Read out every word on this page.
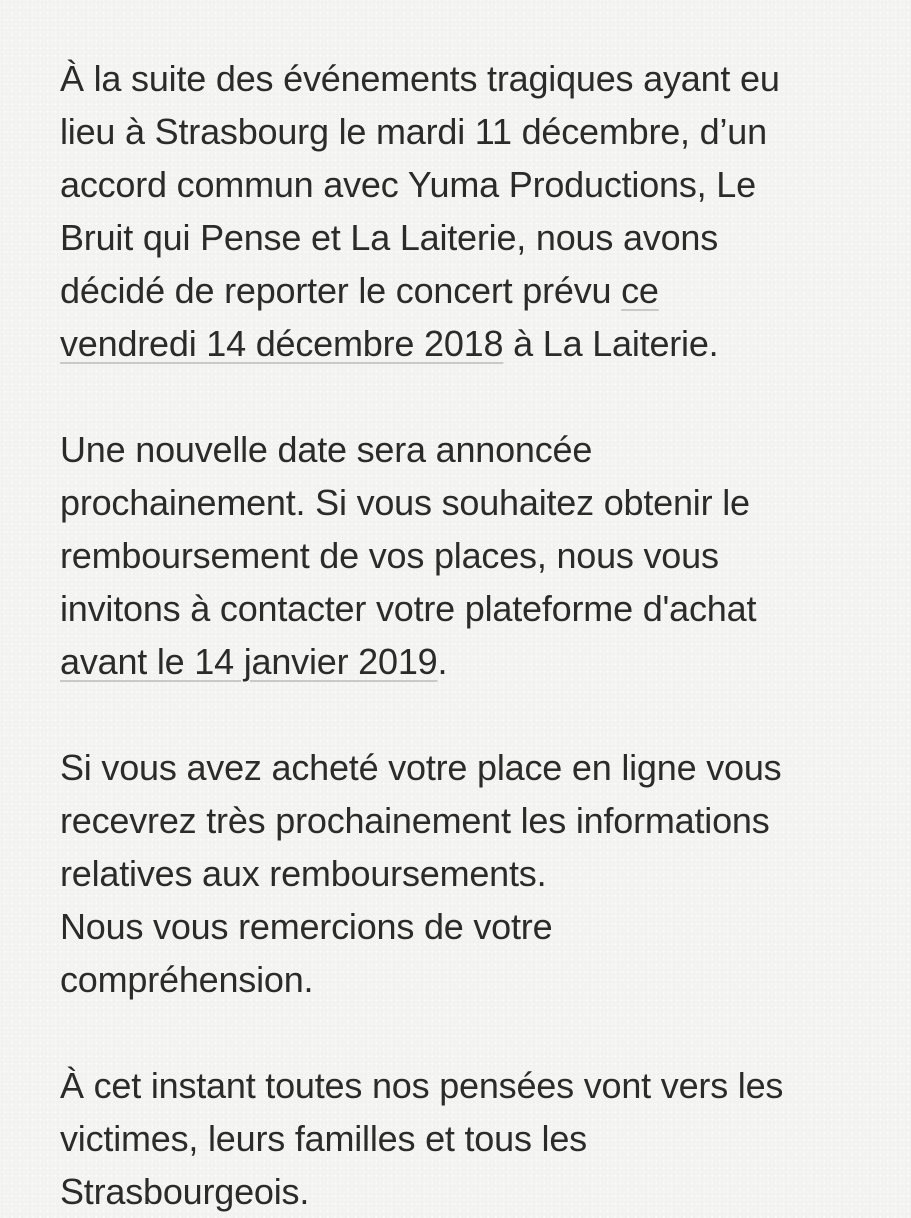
À la suite des événements tragiques ayant eu
lieu à Strasbourg le mardi 11 décembre, d’un
accord commun avec Yuma Productions, Le
Bruit qui Pense et La Laiterie, nous avons
décidé de reporter le concert prévu ce
vendredi 14 décembre 2018 à La Laiterie.
Une nouvelle date sera annoncée
prochainement. Si vous souhaitez obtenir le
remboursement de vos places, nous vous
invitons à contacter votre plateforme d'achat
avant le 14 janvier 2019.
Si vous avez acheté votre place en ligne vous
recevrez très prochainement les informations
relatives aux remboursements.
Nous vous remercions de votre
compréhension.
À cet instant toutes nos pensées vont vers les
victimes, leurs familles et tous les
Strasbourgeois.
